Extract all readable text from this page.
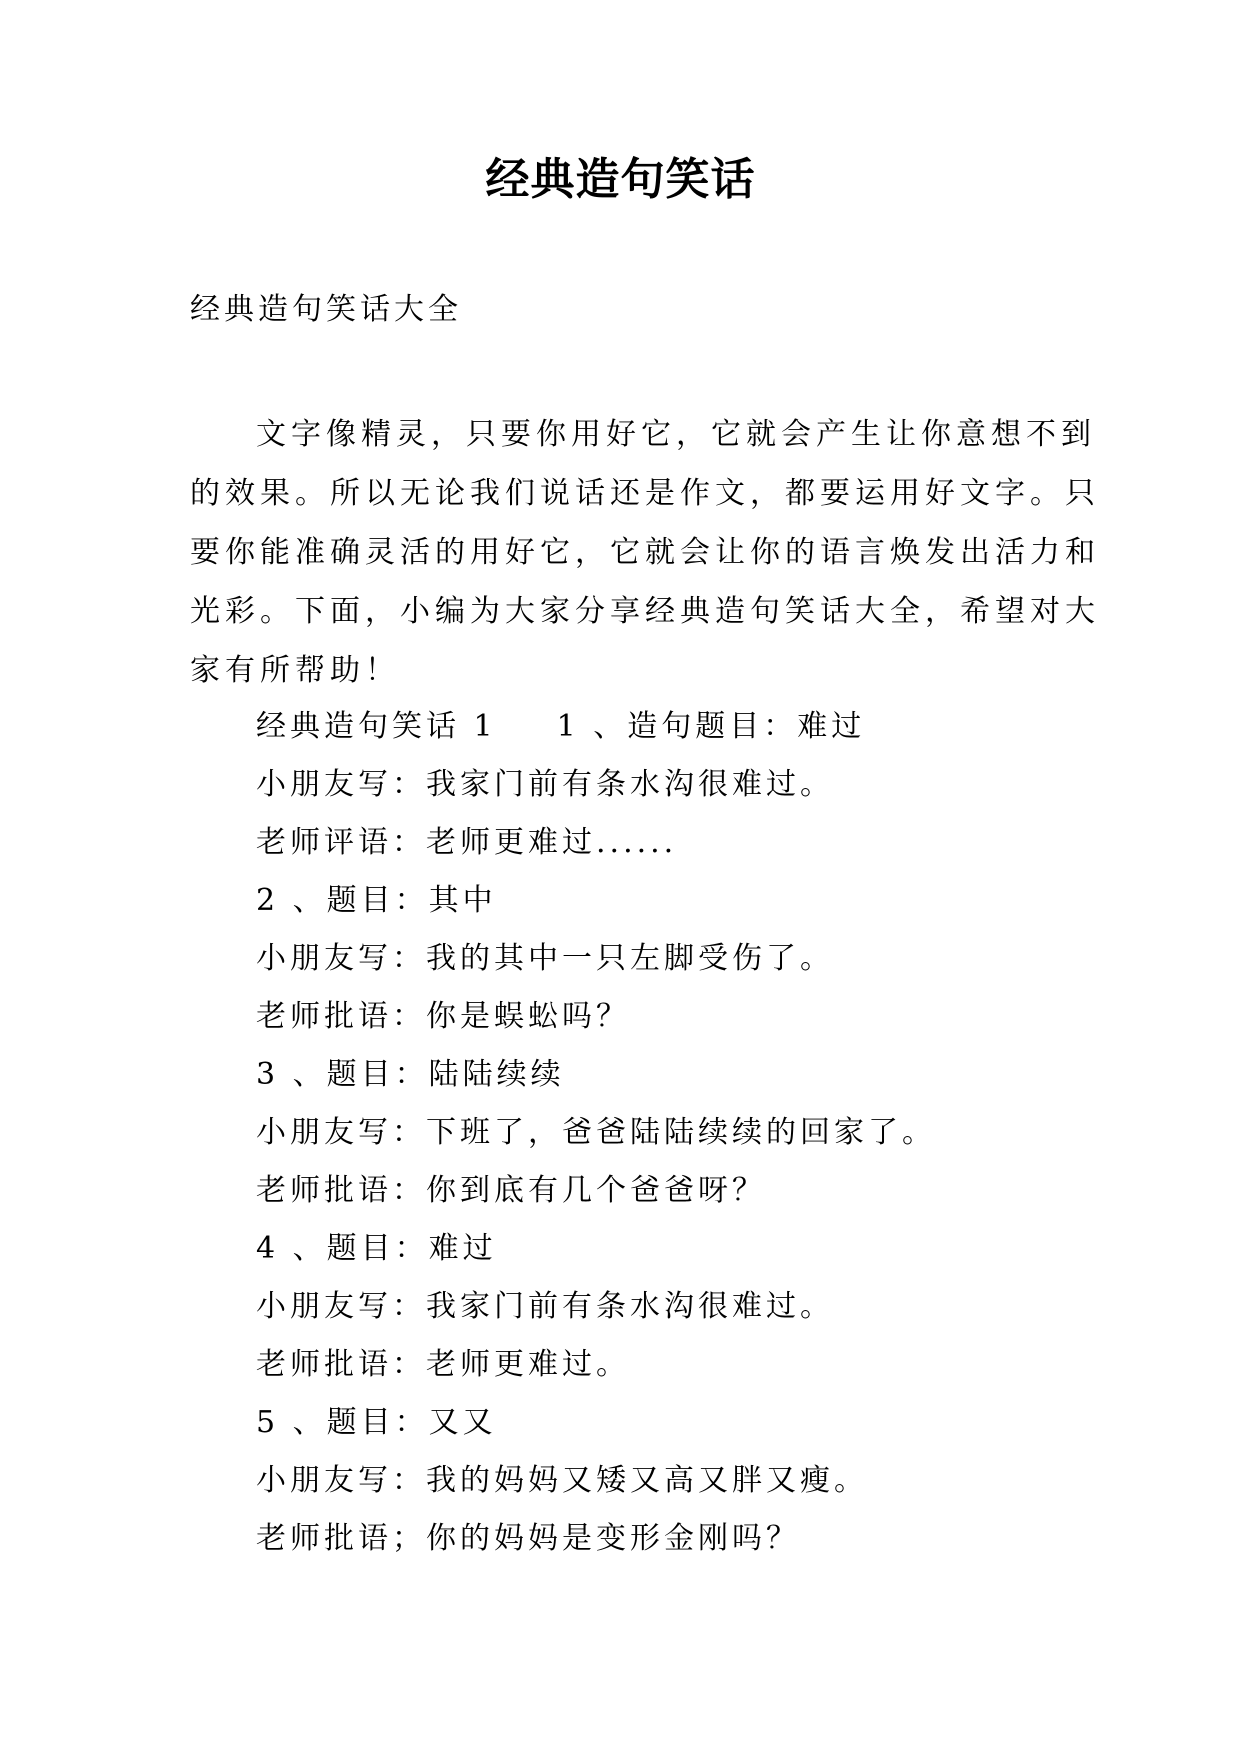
经典造句笑话
经典造句笑话大全
文字像精灵，只要你用好它，它就会产生让你意想不到
的效果。所以无论我们说话还是作文，都要运用好文字。只
要你能准确灵活的用好它，它就会让你的语言焕发出活力和
光彩。下面，小编为大家分享经典造句笑话大全，希望对大
家有所帮助！
经典造句笑话 1 1 、造句题目：难过
小朋友写：我家门前有条水沟很难过。
老师评语：老师更难过......
2 、题目：其中
小朋友写：我的其中一只左脚受伤了。
老师批语：你是蜈蚣吗？
3 、题目：陆陆续续
小朋友写：下班了，爸爸陆陆续续的回家了。
老师批语：你到底有几个爸爸呀？
4 、题目：难过
小朋友写：我家门前有条水沟很难过。
老师批语：老师更难过。
5 、题目：又又
小朋友写：我的妈妈又矮又高又胖又瘦。
老师批语；你的妈妈是变形金刚吗？
